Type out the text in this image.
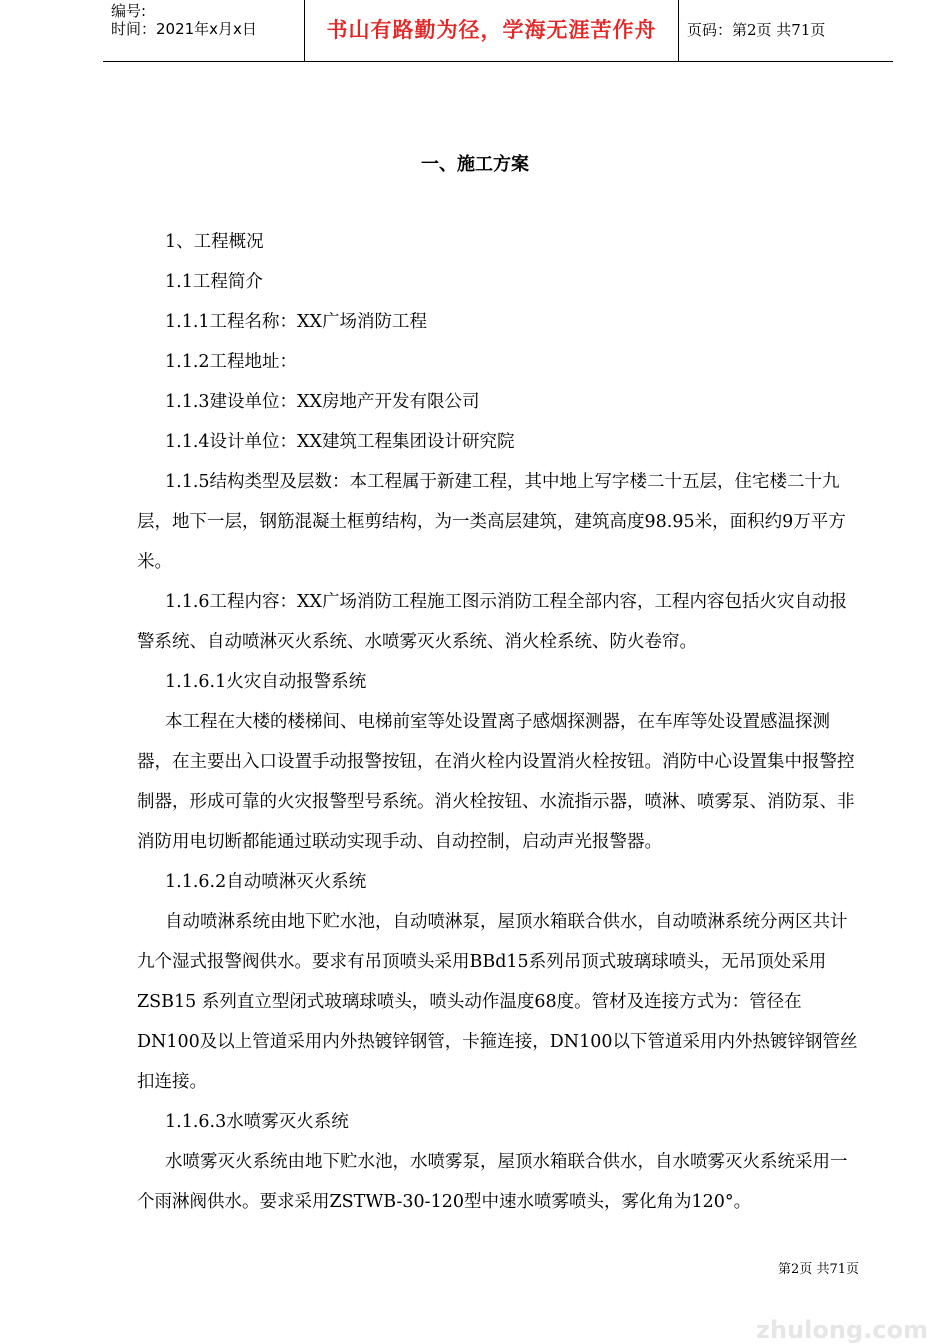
编号:
时间：2021年x月x日	书山有路勤为径，学海无涯苦作舟	页码：第2页 共71页
一、施工方案

1、工程概况

1.1工程简介

1.1.1工程名称：XX广场消防工程

1.1.2工程地址：

1.1.3建设单位：XX房地产开发有限公司

1.1.4设计单位：XX建筑工程集团设计研究院

1.1.5结构类型及层数：本工程属于新建工程，其中地上写字楼二十五层，住宅楼二十九层，地下一层，钢筋混凝土框剪结构，为一类高层建筑，建筑高度98.95米，面积约9万平方米。

1.1.6工程内容：XX广场消防工程施工图示消防工程全部内容，工程内容包括火灾自动报警系统、自动喷淋灭火系统、水喷雾灭火系统、消火栓系统、防火卷帘。

1.1.6.1火灾自动报警系统

本工程在大楼的楼梯间、电梯前室等处设置离子感烟探测器，在车库等处设置感温探测器，在主要出入口设置手动报警按钮，在消火栓内设置消火栓按钮。消防中心设置集中报警控制器，形成可靠的火灾报警型号系统。消火栓按钮、水流指示器，喷淋、喷雾泵、消防泵、非消防用电切断都能通过联动实现手动、自动控制，启动声光报警器。

1.1.6.2自动喷淋灭火系统

自动喷淋系统由地下贮水池，自动喷淋泵，屋顶水箱联合供水，自动喷淋系统分两区共计九个湿式报警阀供水。要求有吊顶喷头采用BBd15系列吊顶式玻璃球喷头，无吊顶处采用ZSB15 系列直立型闭式玻璃球喷头，喷头动作温度68度。管材及连接方式为：管径在DN100及以上管道采用内外热镀锌钢管，卡箍连接，DN100以下管道采用内外热镀锌钢管丝扣连接。

1.1.6.3水喷雾灭火系统

水喷雾灭火系统由地下贮水池，水喷雾泵，屋顶水箱联合供水，自水喷雾灭火系统采用一个雨淋阀供水。要求采用ZSTWB-30-120型中速水喷雾喷头，雾化角为120°。

第2页 共71页
zhulong.com
